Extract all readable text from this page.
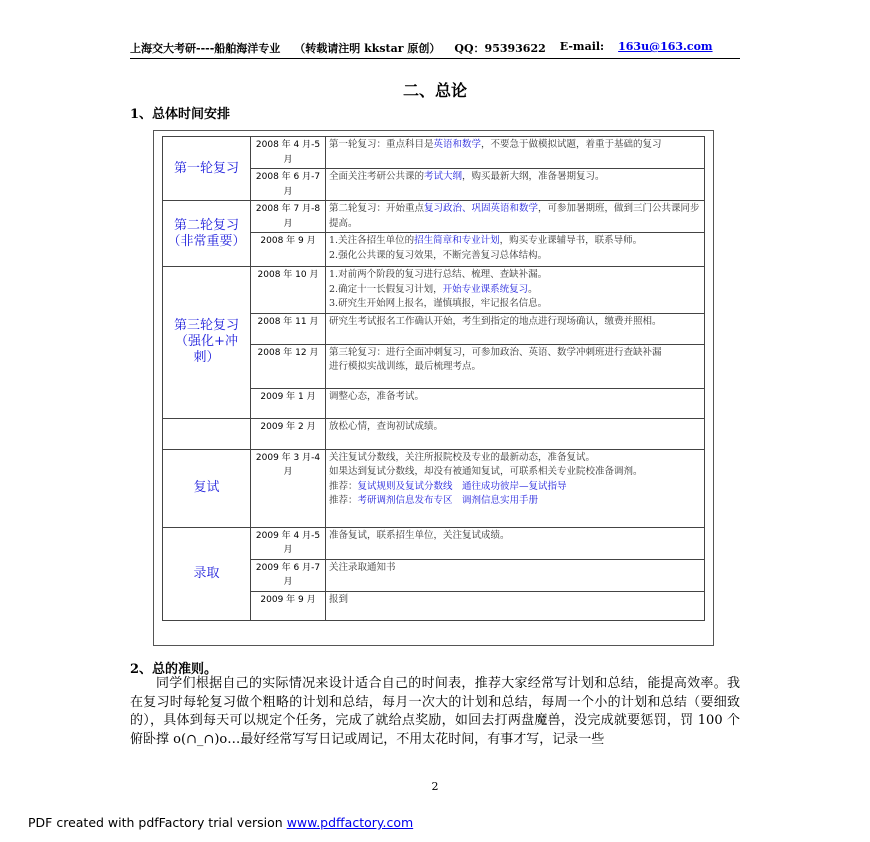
上海交大考研----船舶海洋专业 （转载请注明 kkstar 原创） QQ：95393622 E-mail: 163u@163.com
二、总论
1、总体时间安排
第一轮复习	2008 年 4 月-5 月	第一轮复习：重点科目是英语和数学，不要急于做模拟试题，着重于基础的复习
	2008 年 6 月-7 月	全面关注考研公共课的考试大纲，购买最新大纲，准备暑期复习。
第二轮复习（非常重要）	2008 年 7 月-8 月	第二轮复习：开始重点复习政治、巩固英语和数学，可参加暑期班，做到三门公共课同步提高。
	2008 年 9 月	1.关注各招生单位的招生简章和专业计划，购买专业课辅导书，联系导师。
2.强化公共课的复习效果，不断完善复习总体结构。
第三轮复习（强化+冲刺）	2008 年 10 月	1.对前两个阶段的复习进行总结、梳理、查缺补漏。
2.确定十一长假复习计划，开始专业课系统复习。
3.研究生开始网上报名，谨慎填报，牢记报名信息。
	2008 年 11 月	研究生考试报名工作确认开始，考生到指定的地点进行现场确认，缴费并照相。
	2008 年 12 月	第三轮复习：进行全面冲刺复习，可参加政治、英语、数学冲刺班进行查缺补漏
进行模拟实战训练，最后梳理考点。
	2009 年 1 月	调整心态，准备考试。
	2009 年 2 月	放松心情，查询初试成绩。
复试	2009 年 3 月-4 月	关注复试分数线，关注所报院校及专业的最新动态，准备复试。
如果达到复试分数线，却没有被通知复试，可联系相关专业院校准备调剂。
推荐：复试规则及复试分数线　通往成功彼岸—复试指导
推荐：考研调剂信息发布专区　调剂信息实用手册
录取	2009 年 4 月-5 月	准备复试，联系招生单位，关注复试成绩。
	2009 年 6 月-7 月	关注录取通知书
	2009 年 9 月	报到
2、总的准则。
同学们根据自己的实际情况来设计适合自己的时间表，推荐大家经常写计划和总结，能提高效率。我在复习时每轮复习做个粗略的计划和总结，每月一次大的计划和总结，每周一个小的计划和总结（要细致的），具体到每天可以规定个任务，完成了就给点奖励，如回去打两盘魔兽，没完成就要惩罚，罚 100 个俯卧撑 o(∩_∩)o…最好经常写写日记或周记，不用太花时间，有事才写，记录一些
2
PDF created with pdfFactory trial version www.pdffactory.com
